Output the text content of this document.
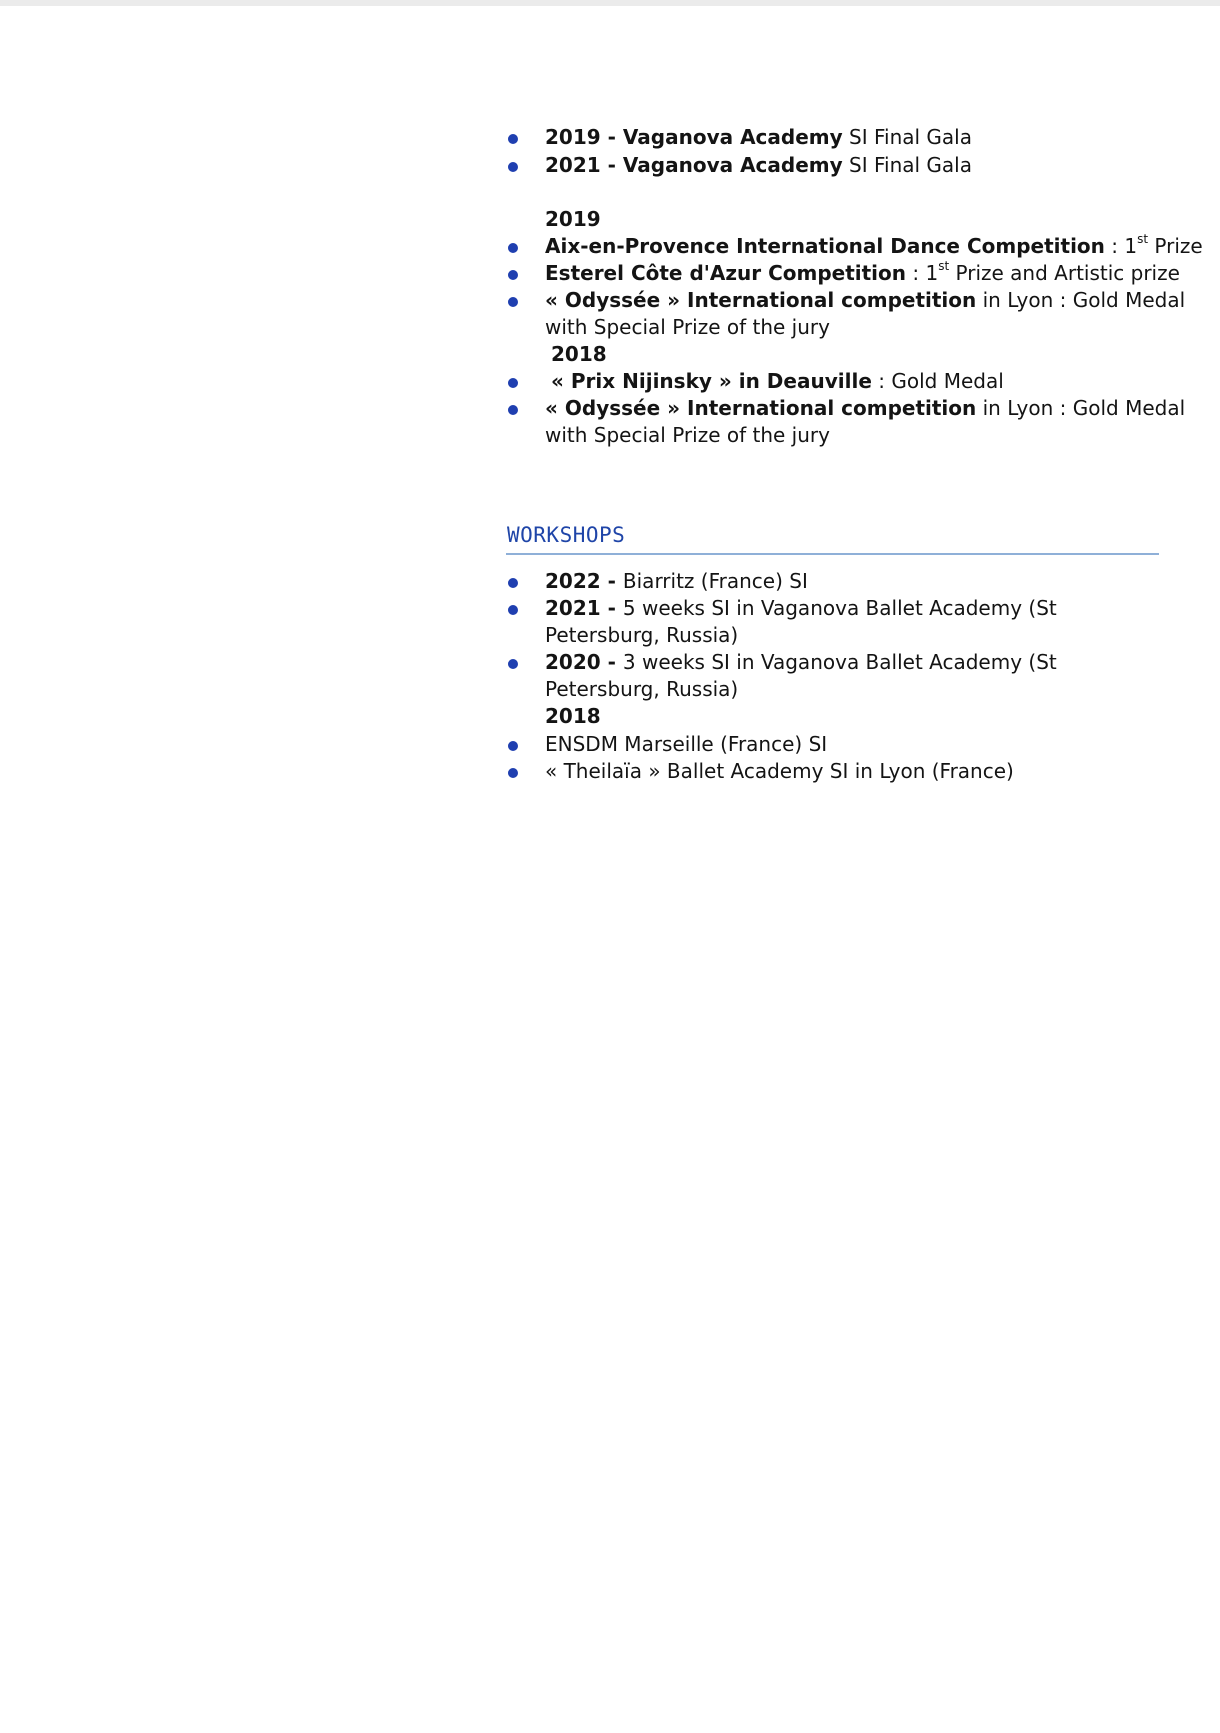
2019 - Vaganova Academy SI Final Gala
2021 - Vaganova Academy SI Final Gala
2019
Aix-en-Provence International Dance Competition : 1st Prize
Esterel Côte d'Azur Competition : 1st Prize and Artistic prize
« Odyssée » International competition in Lyon : Gold Medal
with Special Prize of the jury
2018
« Prix Nijinsky » in Deauville : Gold Medal
« Odyssée » International competition in Lyon : Gold Medal
with Special Prize of the jury
WORKSHOPS
2022 - Biarritz (France) SI
2021 - 5 weeks SI in Vaganova Ballet Academy (St
Petersburg, Russia)
2020 - 3 weeks SI in Vaganova Ballet Academy (St
Petersburg, Russia)
2018
ENSDM Marseille (France) SI
« Theilaïa » Ballet Academy SI in Lyon (France)
